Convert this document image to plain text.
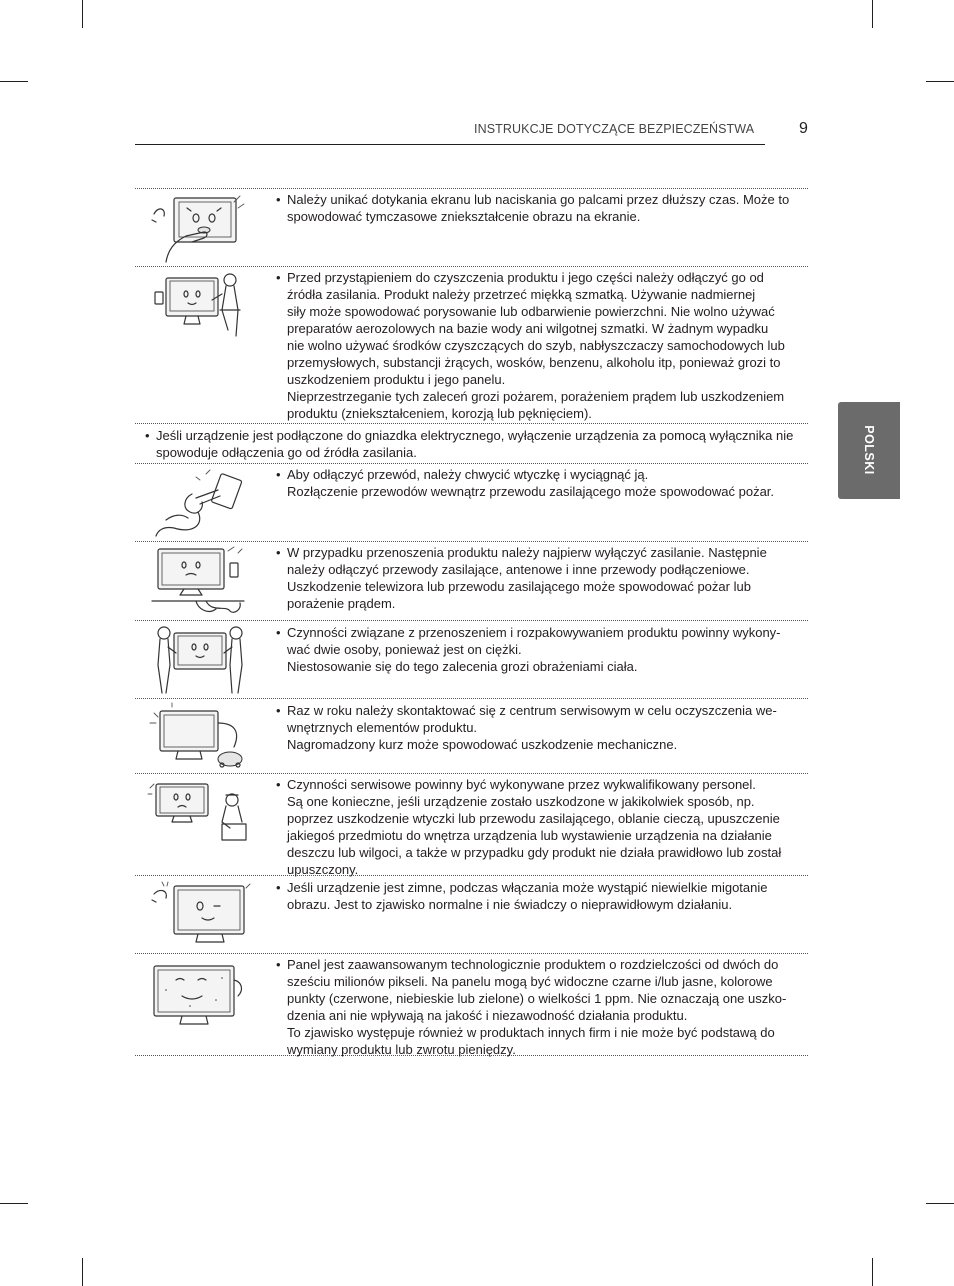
INSTRUKCJE DOTYCZĄCE BEZPIECZEŃSTWA	9
POLSKI
• Należy unikać dotykania ekranu lub naciskania go palcami przez dłuższy czas. Może to
spowodować tymczasowe zniekształcenie obrazu na ekranie.
• Przed przystąpieniem do czyszczenia produktu i jego części należy odłączyć go od
źródła zasilania. Produkt należy przetrzeć miękką szmatką. Używanie nadmiernej
siły może spowodować porysowanie lub odbarwienie powierzchni. Nie wolno używać
preparatów aerozolowych na bazie wody ani wilgotnej szmatki. W żadnym wypadku
nie wolno używać środków czyszczących do szyb, nabłyszczaczy samochodowych lub
przemysłowych, substancji żrących, wosków, benzenu, alkoholu itp, ponieważ grozi to
uszkodzeniem produktu i jego panelu.
Nieprzestrzeganie tych zaleceń grozi pożarem, porażeniem prądem lub uszkodzeniem
produktu (zniekształceniem, korozją lub pęknięciem).
• Jeśli urządzenie jest podłączone do gniazdka elektrycznego, wyłączenie urządzenia za pomocą wyłącznika nie spowoduje odłączenia go od źródła zasilania.
• Aby odłączyć przewód, należy chwycić wtyczkę i wyciągnąć ją.
Rozłączenie przewodów wewnątrz przewodu zasilającego może spowodować pożar.
• W przypadku przenoszenia produktu należy najpierw wyłączyć zasilanie. Następnie
należy odłączyć przewody zasilające, antenowe i inne przewody podłączeniowe.
Uszkodzenie telewizora lub przewodu zasilającego może spowodować pożar lub
porażenie prądem.
• Czynności związane z przenoszeniem i rozpakowywaniem produktu powinny wykony-
wać dwie osoby, ponieważ jest on ciężki.
Niestosowanie się do tego zalecenia grozi obrażeniami ciała.
• Raz w roku należy skontaktować się z centrum serwisowym w celu oczyszczenia we-
wnętrznych elementów produktu.
Nagromadzony kurz może spowodować uszkodzenie mechaniczne.
• Czynności serwisowe powinny być wykonywane przez wykwalifikowany personel.
Są one konieczne, jeśli urządzenie zostało uszkodzone w jakikolwiek sposób, np.
poprzez uszkodzenie wtyczki lub przewodu zasilającego, oblanie cieczą, upuszczenie
jakiegoś przedmiotu do wnętrza urządzenia lub wystawienie urządzenia na działanie
deszczu lub wilgoci, a także w przypadku gdy produkt nie działa prawidłowo lub został
upuszczony.
• Jeśli urządzenie jest zimne, podczas włączania może wystąpić niewielkie migotanie
obrazu. Jest to zjawisko normalne i nie świadczy o nieprawidłowym działaniu.
• Panel jest zaawansowanym technologicznie produktem o rozdzielczości od dwóch do
sześciu milionów pikseli. Na panelu mogą być widoczne czarne i/lub jasne, kolorowe
punkty (czerwone, niebieskie lub zielone) o wielkości 1 ppm. Nie oznaczają one uszko-
dzenia ani nie wpływają na jakość i niezawodność działania produktu.
To zjawisko występuje również w produktach innych firm i nie może być podstawą do
wymiany produktu lub zwrotu pieniędzy.
